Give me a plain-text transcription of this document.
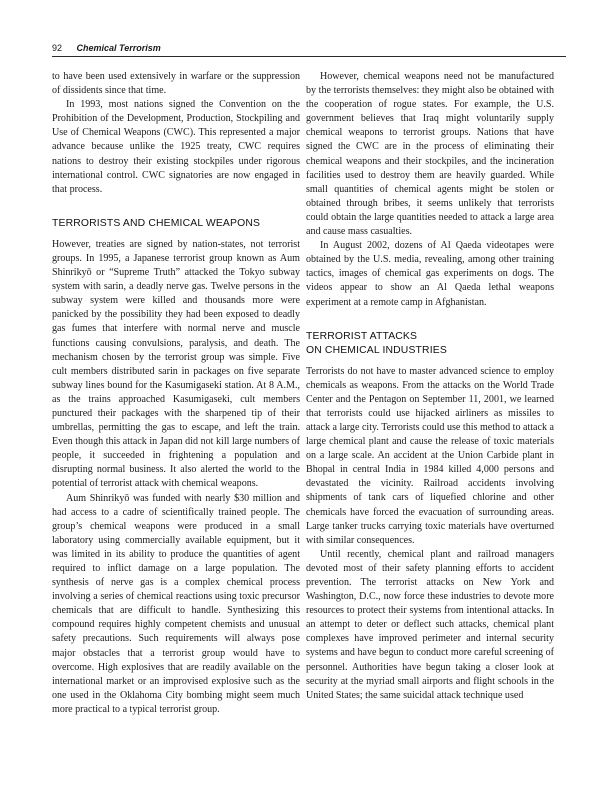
92 Chemical Terrorism

to have been used extensively in warfare or the suppression of dissidents since that time.

In 1993, most nations signed the Convention on the Prohibition of the Development, Production, Stockpiling and Use of Chemical Weapons (CWC). This represented a major advance because unlike the 1925 treaty, CWC requires nations to destroy their existing stockpiles under rigorous international control. CWC signatories are now engaged in that process.

TERRORISTS AND CHEMICAL WEAPONS

However, treaties are signed by nation-states, not terrorist groups. In 1995, a Japanese terrorist group known as Aum Shinrikyō or “Supreme Truth” attacked the Tokyo subway system with sarin, a deadly nerve gas. Twelve persons in the subway system were killed and thousands more were panicked by the possibility they had been exposed to deadly gas fumes that interfere with normal nerve and muscle functions causing convulsions, paralysis, and death. The mechanism chosen by the terrorist group was simple. Five cult members distributed sarin in packages on five separate subway lines bound for the Kasumigaseki station. At 8 A.M., as the trains approached Kasumigaseki, cult members punctured their packages with the sharpened tip of their umbrellas, permitting the gas to escape, and left the train. Even though this attack in Japan did not kill large numbers of people, it succeeded in frightening a population and disrupting normal business. It also alerted the world to the potential of terrorist attack with chemical weapons.

Aum Shinrikyō was funded with nearly $30 million and had access to a cadre of scientifically trained people. The group’s chemical weapons were produced in a small laboratory using commercially available equipment, but it was limited in its ability to produce the quantities of agent required to inflict damage on a large population. The synthesis of nerve gas is a complex chemical process involving a series of chemical reactions using toxic precursor chemicals that are difficult to handle. Synthesizing this compound requires highly competent chemists and unusual safety precautions. Such requirements will always pose major obstacles that a terrorist group would have to overcome. High explosives that are readily available on the international market or an improvised explosive such as the one used in the Oklahoma City bombing might seem much more practical to a typical terrorist group.

However, chemical weapons need not be manufactured by the terrorists themselves: they might also be obtained with the cooperation of rogue states. For example, the U.S. government believes that Iraq might voluntarily supply chemical weapons to terrorist groups. Nations that have signed the CWC are in the process of eliminating their chemical weapons and their stockpiles, and the incineration facilities used to destroy them are heavily guarded. While small quantities of chemical agents might be stolen or obtained through bribes, it seems unlikely that terrorists could obtain the large quantities needed to attack a large area and cause mass casualties.

In August 2002, dozens of Al Qaeda videotapes were obtained by the U.S. media, revealing, among other training tactics, images of chemical gas experiments on dogs. The videos appear to show an Al Qaeda lethal weapons experiment at a remote camp in Afghanistan.

TERRORIST ATTACKS
ON CHEMICAL INDUSTRIES

Terrorists do not have to master advanced science to employ chemicals as weapons. From the attacks on the World Trade Center and the Pentagon on September 11, 2001, we learned that terrorists could use hijacked airliners as missiles to attack a large city. Terrorists could use this method to attack a large chemical plant and cause the release of toxic materials on a large scale. An accident at the Union Carbide plant in Bhopal in central India in 1984 killed 4,000 persons and devastated the vicinity. Railroad accidents involving shipments of tank cars of liquefied chlorine and other chemicals have forced the evacuation of surrounding areas. Large tanker trucks carrying toxic materials have overturned with similar consequences.

Until recently, chemical plant and railroad managers devoted most of their safety planning efforts to accident prevention. The terrorist attacks on New York and Washington, D.C., now force these industries to devote more resources to protect their systems from intentional attacks. In an attempt to deter or deflect such attacks, chemical plant complexes have improved perimeter and internal security systems and have begun to conduct more careful screening of personnel. Authorities have begun taking a closer look at security at the myriad small airports and flight schools in the United States; the same suicidal attack technique used
